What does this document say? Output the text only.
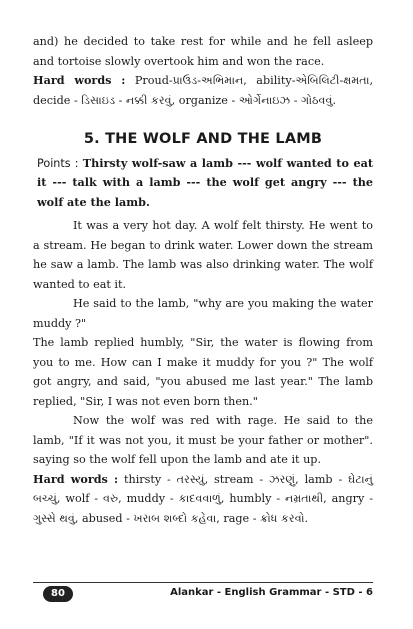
and) he decided to take rest for while and he fell asleep and tortoise slowly overtook him and won the race.

Hard words : Proud-પ્રાઉડ-અભિમાન, ability-એબિલિટી-ક્ષમતા, decide - ડિસાઇડ - નક્કી કરવું, organize - ઓર્ગેનાઇઝ - ગોઠવવું.

5. THE WOLF AND THE LAMB

Points : Thirsty wolf-saw a lamb --- wolf wanted to eat it --- talk with a lamb --- the wolf get angry --- the wolf ate the lamb.

It was a very hot day. A wolf felt thirsty. He went to a stream. He began to drink water. Lower down the stream he saw a lamb. The lamb was also drinking water. The wolf wanted to eat it.

He said to the lamb, "why are you making the water muddy ?"

The lamb replied humbly, "Sir, the water is flowing from you to me. How can I make it muddy for you ?" The wolf got angry, and said, "you abused me last year." The lamb replied, "Sir, I was not even born then."

Now the wolf was red with rage. He said to the lamb, "If it was not you, it must be your father or mother". saying so the wolf fell upon the lamb and ate it up.

Hard words : thirsty - તરસ્યું, stream - ઝરણું, lamb - ઘેટાનું બચ્ચું, wolf - વરુ, muddy - કાદવવાળું, humbly - નમ્રતાથી, angry - ગુસ્સે થવું, abused - ખરાબ શબ્દો કહેવા, rage - ક્રોધ કરવો.

80	Alankar - English Grammar - STD - 6
